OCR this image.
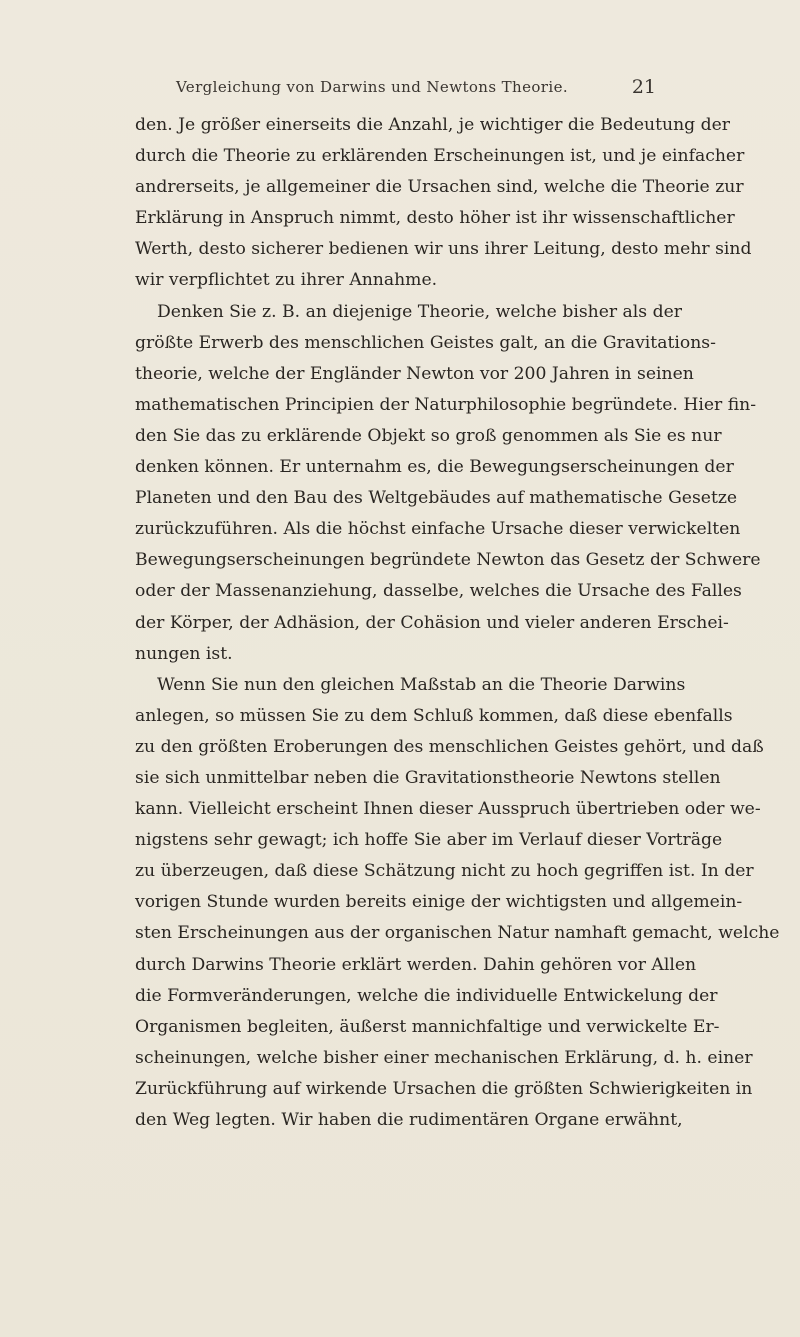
Vergleichung von Darwins und Newtons Theorie.	21
den. Je größer einerseits die Anzahl, je wichtiger die Bedeutung der
durch die Theorie zu erklärenden Erscheinungen ist, und je einfacher
andrerseits, je allgemeiner die Ursachen sind, welche die Theorie zur
Erklärung in Anspruch nimmt, desto höher ist ihr wissenschaftlicher
Werth, desto sicherer bedienen wir uns ihrer Leitung, desto mehr sind
wir verpflichtet zu ihrer Annahme.
Denken Sie z. B. an diejenige Theorie, welche bisher als der
größte Erwerb des menschlichen Geistes galt, an die Gravitations-
theorie, welche der Engländer Newton vor 200 Jahren in seinen
mathematischen Principien der Naturphilosophie begründete. Hier fin-
den Sie das zu erklärende Objekt so groß genommen als Sie es nur
denken können. Er unternahm es, die Bewegungserscheinungen der
Planeten und den Bau des Weltgebäudes auf mathematische Gesetze
zurückzuführen. Als die höchst einfache Ursache dieser verwickelten
Bewegungserscheinungen begründete Newton das Gesetz der Schwere
oder der Massenanziehung, dasselbe, welches die Ursache des Falles
der Körper, der Adhäsion, der Cohäsion und vieler anderen Erschei-
nungen ist.
Wenn Sie nun den gleichen Maßstab an die Theorie Darwins
anlegen, so müssen Sie zu dem Schluß kommen, daß diese ebenfalls
zu den größten Eroberungen des menschlichen Geistes gehört, und daß
sie sich unmittelbar neben die Gravitationstheorie Newtons stellen
kann. Vielleicht erscheint Ihnen dieser Ausspruch übertrieben oder we-
nigstens sehr gewagt; ich hoffe Sie aber im Verlauf dieser Vorträge
zu überzeugen, daß diese Schätzung nicht zu hoch gegriffen ist. In der
vorigen Stunde wurden bereits einige der wichtigsten und allgemein-
sten Erscheinungen aus der organischen Natur namhaft gemacht, welche
durch Darwins Theorie erklärt werden. Dahin gehören vor Allen
die Formveränderungen, welche die individuelle Entwickelung der
Organismen begleiten, äußerst mannichfaltige und verwickelte Er-
scheinungen, welche bisher einer mechanischen Erklärung, d. h. einer
Zurückführung auf wirkende Ursachen die größten Schwierigkeiten in
den Weg legten. Wir haben die rudimentären Organe erwähnt,
